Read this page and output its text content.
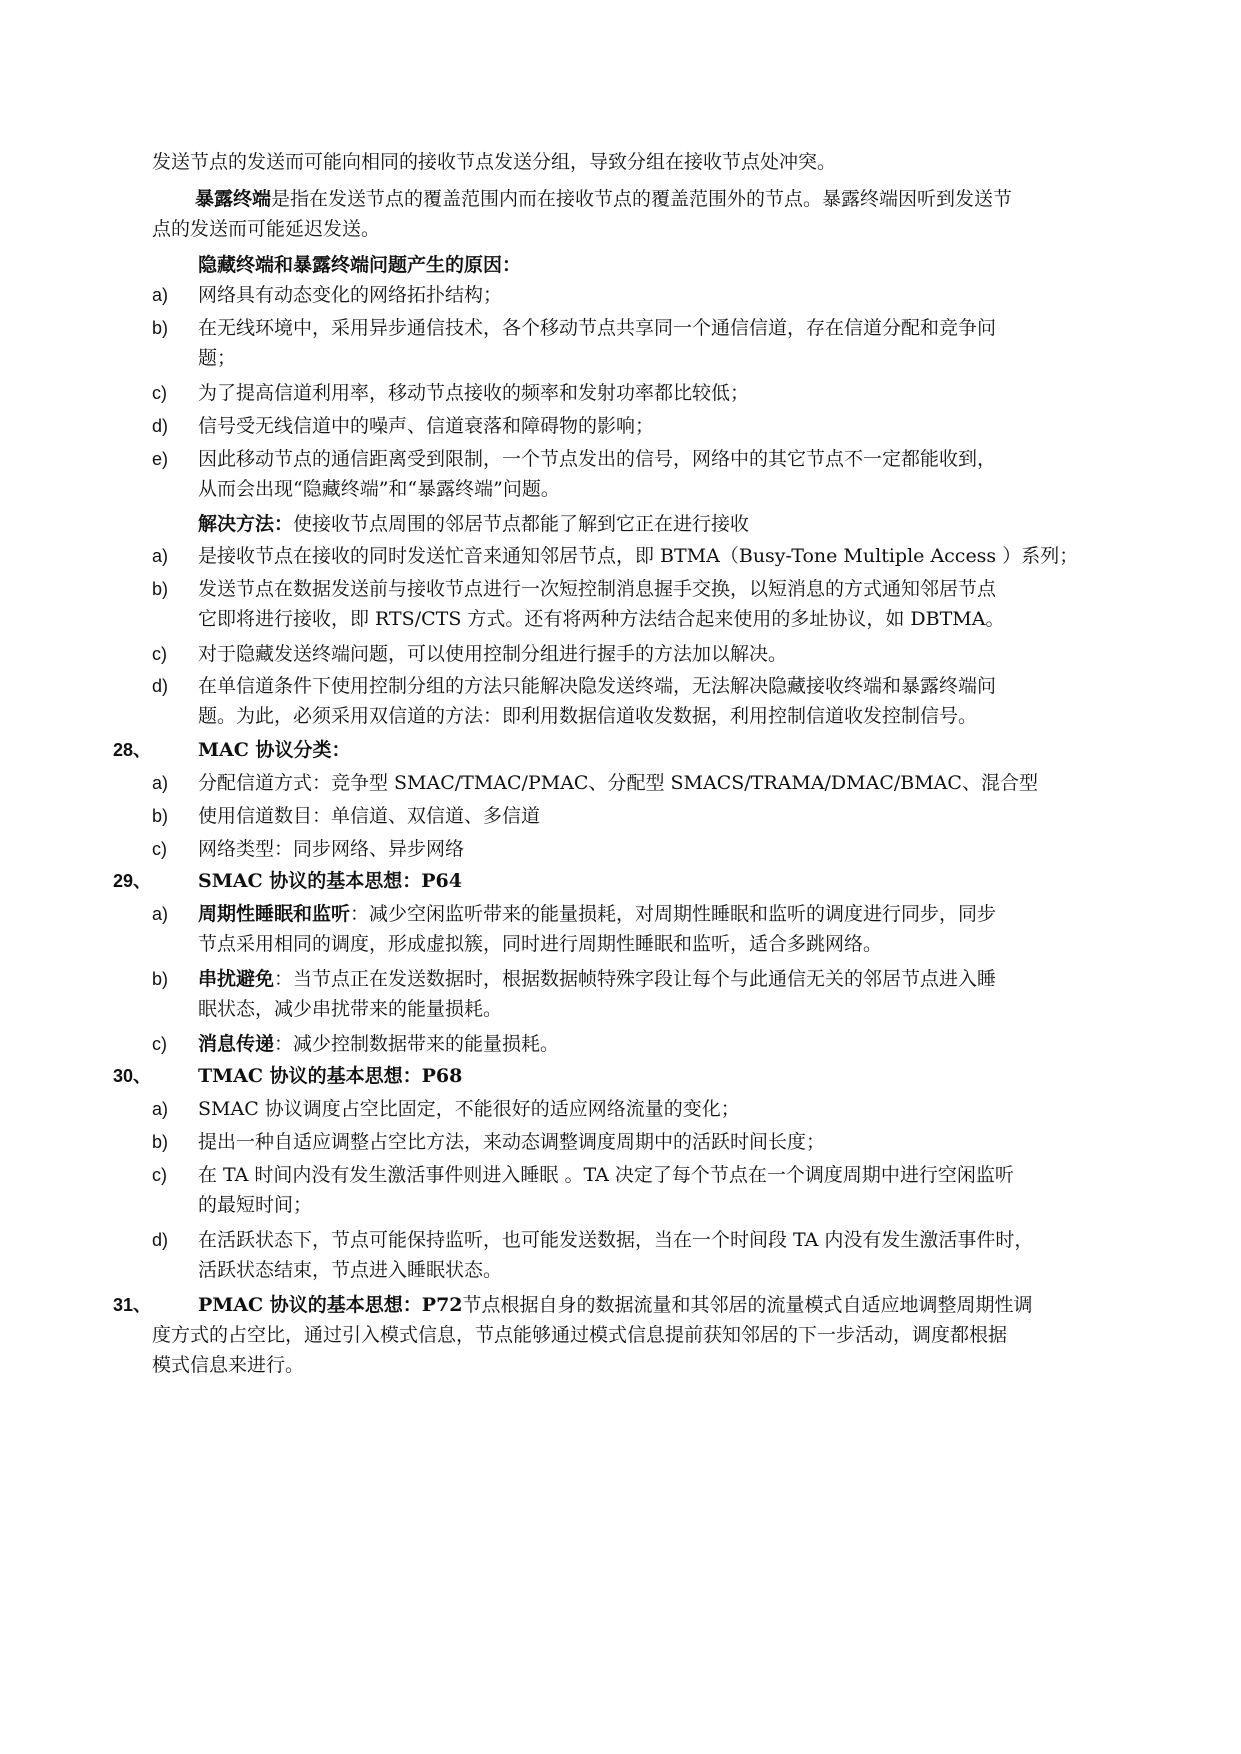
发送节点的发送而可能向相同的接收节点发送分组，导致分组在接收节点处冲突。
暴露终端是指在发送节点的覆盖范围内而在接收节点的覆盖范围外的节点。暴露终端因听到发送节
点的发送而可能延迟发送。
隐藏终端和暴露终端问题产生的原因：
a) 网络具有动态变化的网络拓扑结构；
b) 在无线环境中，采用异步通信技术，各个移动节点共享同一个通信信道，存在信道分配和竞争问
题；
c) 为了提高信道利用率，移动节点接收的频率和发射功率都比较低；
d) 信号受无线信道中的噪声、信道衰落和障碍物的影响；
e) 因此移动节点的通信距离受到限制，一个节点发出的信号，网络中的其它节点不一定都能收到，
从而会出现“隐藏终端”和“暴露终端”问题。
解决方法：使接收节点周围的邻居节点都能了解到它正在进行接收
a) 是接收节点在接收的同时发送忙音来通知邻居节点，即 BTMA（Busy-Tone Multiple Access ）系列；
b) 发送节点在数据发送前与接收节点进行一次短控制消息握手交换，以短消息的方式通知邻居节点
它即将进行接收，即 RTS/CTS 方式。还有将两种方法结合起来使用的多址协议，如 DBTMA。
c) 对于隐藏发送终端问题，可以使用控制分组进行握手的方法加以解决。
d) 在单信道条件下使用控制分组的方法只能解决隐发送终端，无法解决隐藏接收终端和暴露终端问
题。为此，必须采用双信道的方法：即利用数据信道收发数据，利用控制信道收发控制信号。
28、 MAC 协议分类：
a) 分配信道方式：竞争型 SMAC/TMAC/PMAC、分配型 SMACS/TRAMA/DMAC/BMAC、混合型
b) 使用信道数目：单信道、双信道、多信道
c) 网络类型：同步网络、异步网络
29、 SMAC 协议的基本思想：P64
a) 周期性睡眠和监听：减少空闲监听带来的能量损耗，对周期性睡眠和监听的调度进行同步，同步
节点采用相同的调度，形成虚拟簇，同时进行周期性睡眠和监听，适合多跳网络。
b) 串扰避免：当节点正在发送数据时，根据数据帧特殊字段让每个与此通信无关的邻居节点进入睡
眠状态，减少串扰带来的能量损耗。
c) 消息传递：减少控制数据带来的能量损耗。
30、 TMAC 协议的基本思想：P68
a) SMAC 协议调度占空比固定，不能很好的适应网络流量的变化；
b) 提出一种自适应调整占空比方法，来动态调整调度周期中的活跃时间长度；
c) 在 TA 时间内没有发生激活事件则进入睡眠 。TA 决定了每个节点在一个调度周期中进行空闲监听
的最短时间；
d) 在活跃状态下，节点可能保持监听，也可能发送数据，当在一个时间段 TA 内没有发生激活事件时，
活跃状态结束，节点进入睡眠状态。
31、 PMAC 协议的基本思想：P72节点根据自身的数据流量和其邻居的流量模式自适应地调整周期性调
度方式的占空比，通过引入模式信息，节点能够通过模式信息提前获知邻居的下一步活动，调度都根据
模式信息来进行。
